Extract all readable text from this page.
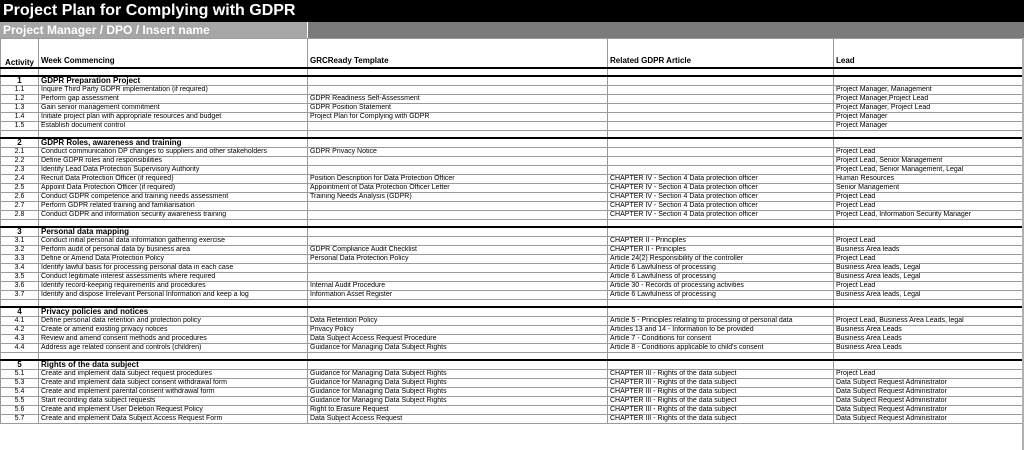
Project Plan for Complying with GDPR
Project Manager / DPO / Insert name
Activity	Week Commencing	GRCReady Template	Related GDPR Article	Lead

1	GDPR Preparation Project			
1.1	Inquire Third Party GDPR implementation (if required)			Project Manager, Management
1.2	Perform gap assessment	GDPR Readiness Self-Assessment		Project Manager,Project Lead
1.3	Gain senior management commitment	GDPR Position Statement		Project Manager, Project Lead
1.4	Initiate project plan with appropriate resources and budget	Project Plan for Complying with GDPR		Project Manager
1.5	Establish document control			Project Manager

2	GDPR Roles, awareness and training			
2.1	Conduct communication DP changes to suppliers and other stakeholders	GDPR Privacy Notice		Project Lead
2.2	Define GDPR roles and responsibilities			Project Lead, Senior Management
2.3	Identify Lead Data Protection Supervisory Authority			Project Lead, Senior Management, Legal
2.4	Recruit Data Protection Officer (if required)	Position Description for Data Protection Officer	CHAPTER IV - Section 4 Data protection officer	Human Resources
2.5	Appoint Data Protection Officer (if required)	Appointment of Data Protection Officer Letter	CHAPTER IV - Section 4 Data protection officer	Senior Management
2.6	Conduct GDPR competence and training needs assessment	Training Needs Analysis (GDPR)	CHAPTER IV - Section 4 Data protection officer	Project Lead
2.7	Perform GDPR related training and familiarisation		CHAPTER IV - Section 4 Data protection officer	Project Lead
2.8	Conduct GDPR and information security awareness training		CHAPTER IV - Section 4 Data protection officer	Project Lead, Information Security Manager

3	Personal data mapping			
3.1	Conduct initial personal data information gathering exercise		CHAPTER II - Principles	Project Lead
3.2	Perform audit of personal data by business area	GDPR Compliance Audit Checklist	CHAPTER II - Principles	Business Area leads
3.3	Define or Amend Data Protection Policy	Personal Data Protection Policy	Article 24(2) Responsibility of the controller	Project Lead
3.4	Identify lawful basis for processing personal data in each case		Article 6 Lawfulness of processing	Business Area leads, Legal
3.5	Conduct legitimate interest assessments where required		Article 6 Lawfulness of processing	Business Area leads, Legal
3.6	Identify record-keeping requirements and procedures	Internal Audit Procedure	Article 30 - Records of processing activities	Project Lead
3.7	Identify and dispose Irrelevant Personal Information and keep a log	Information Asset Register	Article 6 Lawfulness of processing	Business Area leads, Legal

4	Privacy policies and notices			
4.1	Define personal data retention and protection policy	Data Retention Policy	Article 5 - Principles relating to processing of personal data	Project Lead, Business Area Leads, legal
4.2	Create or amend existing privacy notices	Privacy Policy	Articles 13 and 14 - Information to be provided	Business Area Leads
4.3	Review and amend consent methods and procedures	Data Subject Access Request Procedure	Article 7 - Conditions for consent	Business Area Leads
4.4	Address age related consent and controls (children)	Guidance for Managing Data Subject Rights	Article 8 - Conditions applicable to child's consent	Business Area Leads

5	Rights of the data subject			
5.1	Create and implement data subject request procedures	Guidance for Managing Data Subject Rights	CHAPTER III - Rights of the data subject	Project Lead
5.3	Create and implement data subject consent withdrawal form	Guidance for Managing Data Subject Rights	CHAPTER III - Rights of the data subject	Data Subject Request Administrator
5.4	Create and implement parental consent withdrawal form	Guidance for Managing Data Subject Rights	CHAPTER III - Rights of the data subject	Data Subject Request Administrator
5.5	Start recording data subject requests	Guidance for Managing Data Subject Rights	CHAPTER III - Rights of the data subject	Data Subject Request Administrator
5.6	Create and implement User Deletion Request Policy	Right to Erasure Request	CHAPTER III - Rights of the data subject	Data Subject Request Administrator
5.7	Create and implement Data Subject Access Request Form	Data Subject Access Request	CHAPTER III - Rights of the data subject	Data Subject Request Administrator
